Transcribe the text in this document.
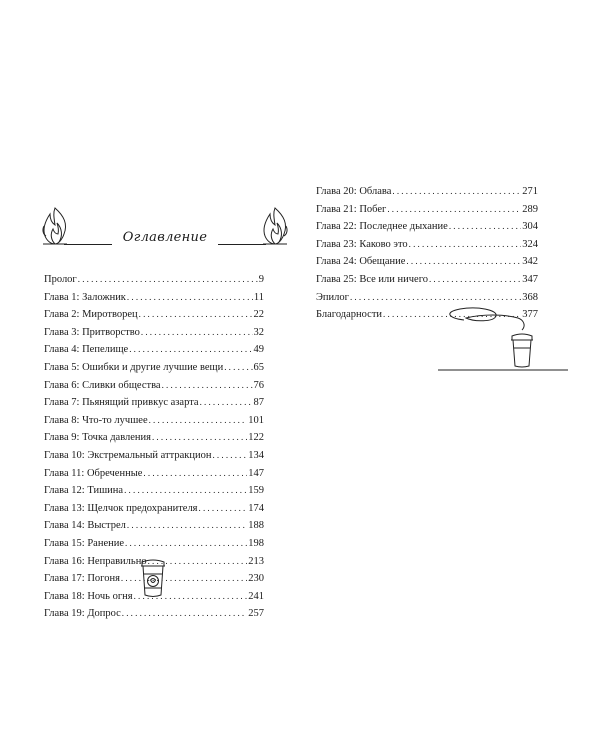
Оглавление
Пролог .....	9
Глава 1: Заложник .....	11
Глава 2: Миротворец .....	22
Глава 3: Притворство .....	32
Глава 4: Пепелище .....	49
Глава 5: Ошибки и другие лучшие вещи .....	65
Глава 6: Сливки общества .....	76
Глава 7: Пьянящий привкус азарта .....	87
Глава 8: Что-то лучшее .....	101
Глава 9: Точка давления .....	122
Глава 10: Экстремальный аттракцион .....	134
Глава 11: Обреченные .....	147
Глава 12: Тишина .....	159
Глава 13: Щелчок предохранителя .....	174
Глава 14: Выстрел .....	188
Глава 15: Ранение .....	198
Глава 16: Неправильно .....	213
Глава 17: Погоня .....	230
Глава 18: Ночь огня .....	241
Глава 19: Допрос .....	257
Глава 20: Облава .....	271
Глава 21: Побег .....	289
Глава 22: Последнее дыхание .....	304
Глава 23: Каково это .....	324
Глава 24: Обещание .....	342
Глава 25: Все или ничего .....	347
Эпилог .....	368
Благодарности .....	377
